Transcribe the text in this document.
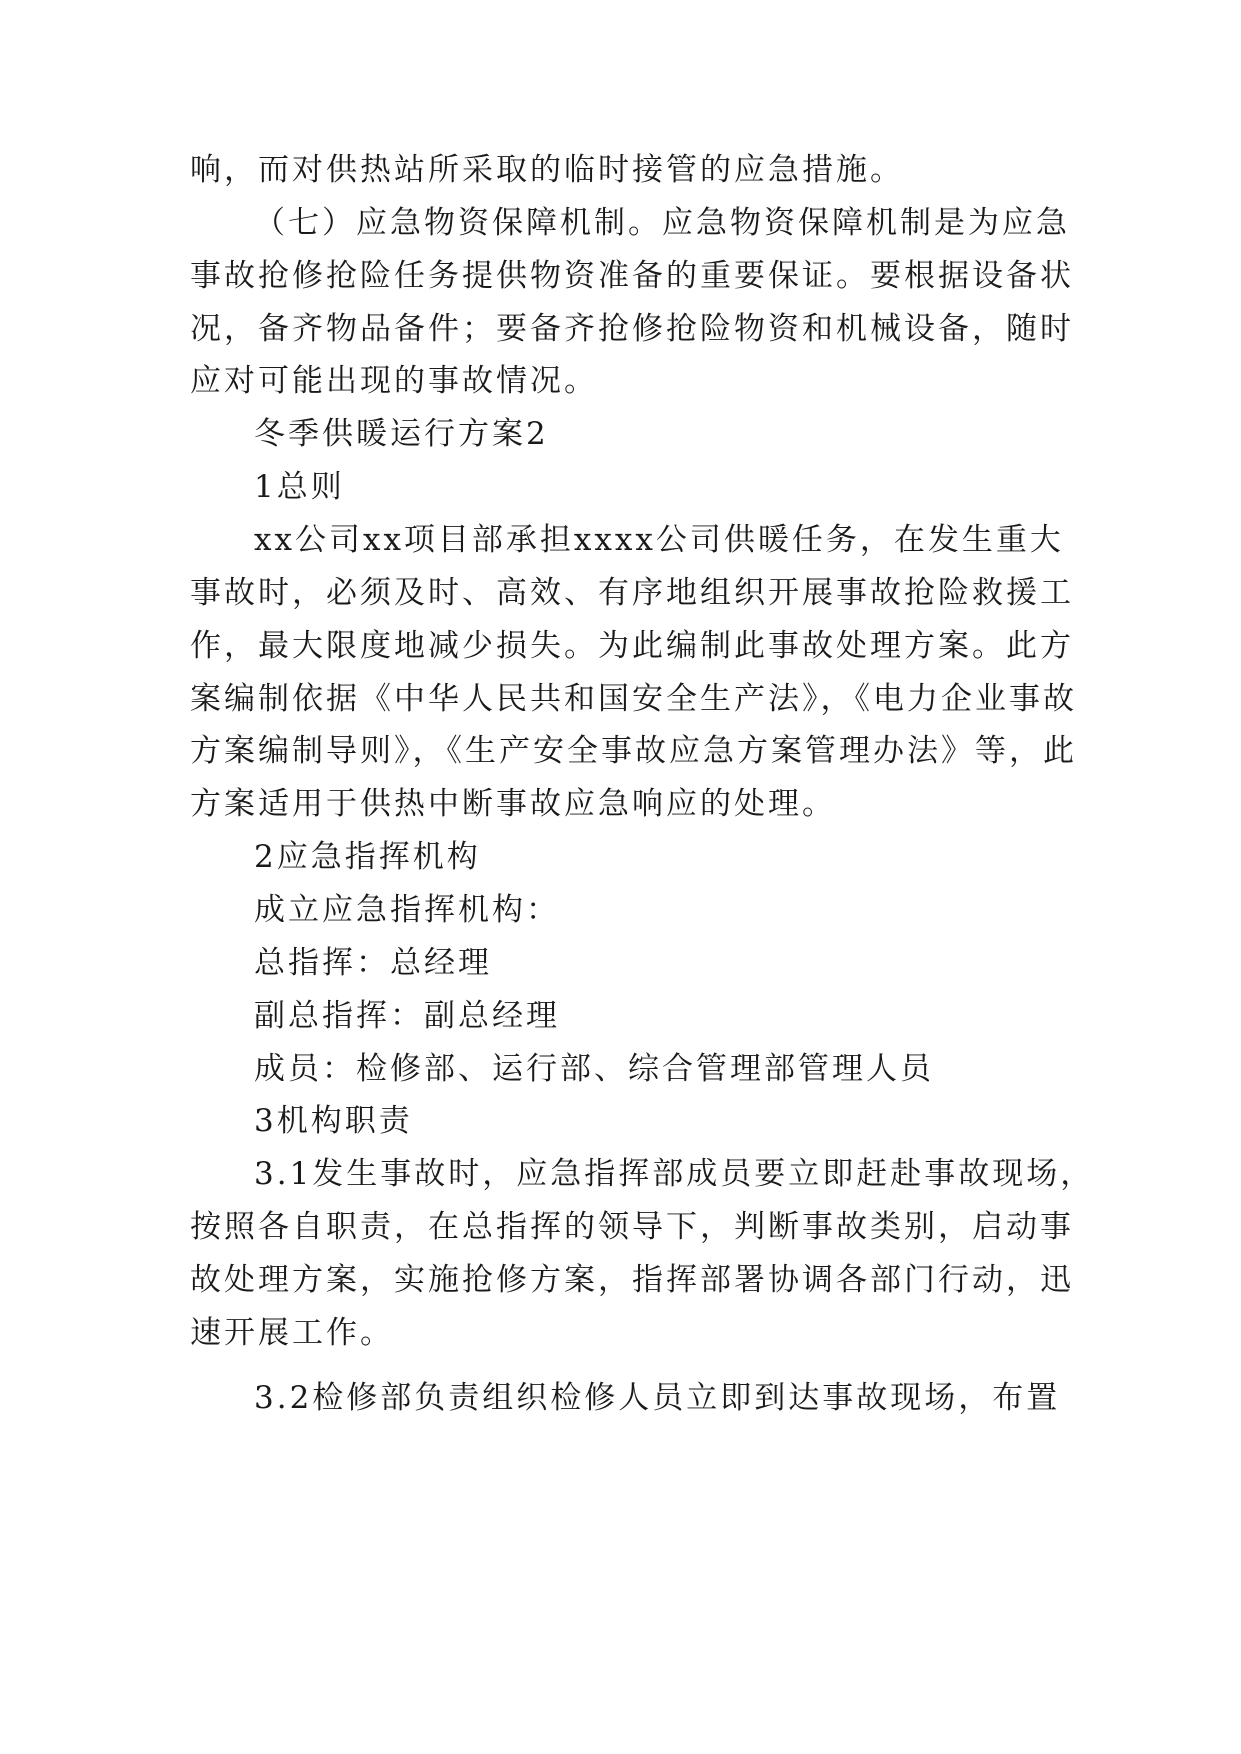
响，而对供热站所采取的临时接管的应急措施。
（七）应急物资保障机制。应急物资保障机制是为应急
事故抢修抢险任务提供物资准备的重要保证。要根据设备状
况，备齐物品备件；要备齐抢修抢险物资和机械设备，随时
应对可能出现的事故情况。
冬季供暖运行方案2
1总则
xx公司xx项目部承担xxxx公司供暖任务，在发生重大
事故时，必须及时、高效、有序地组织开展事故抢险救援工
作，最大限度地减少损失。为此编制此事故处理方案。此方
案编制依据《中华人民共和国安全生产法》，《电力企业事故
方案编制导则》，《生产安全事故应急方案管理办法》等，此
方案适用于供热中断事故应急响应的处理。
2应急指挥机构
成立应急指挥机构：
总指挥：总经理
副总指挥：副总经理
成员：检修部、运行部、综合管理部管理人员
3机构职责
3.1发生事故时，应急指挥部成员要立即赶赴事故现场，
按照各自职责，在总指挥的领导下，判断事故类别，启动事
故处理方案，实施抢修方案，指挥部署协调各部门行动，迅
速开展工作。
3.2检修部负责组织检修人员立即到达事故现场，布置
